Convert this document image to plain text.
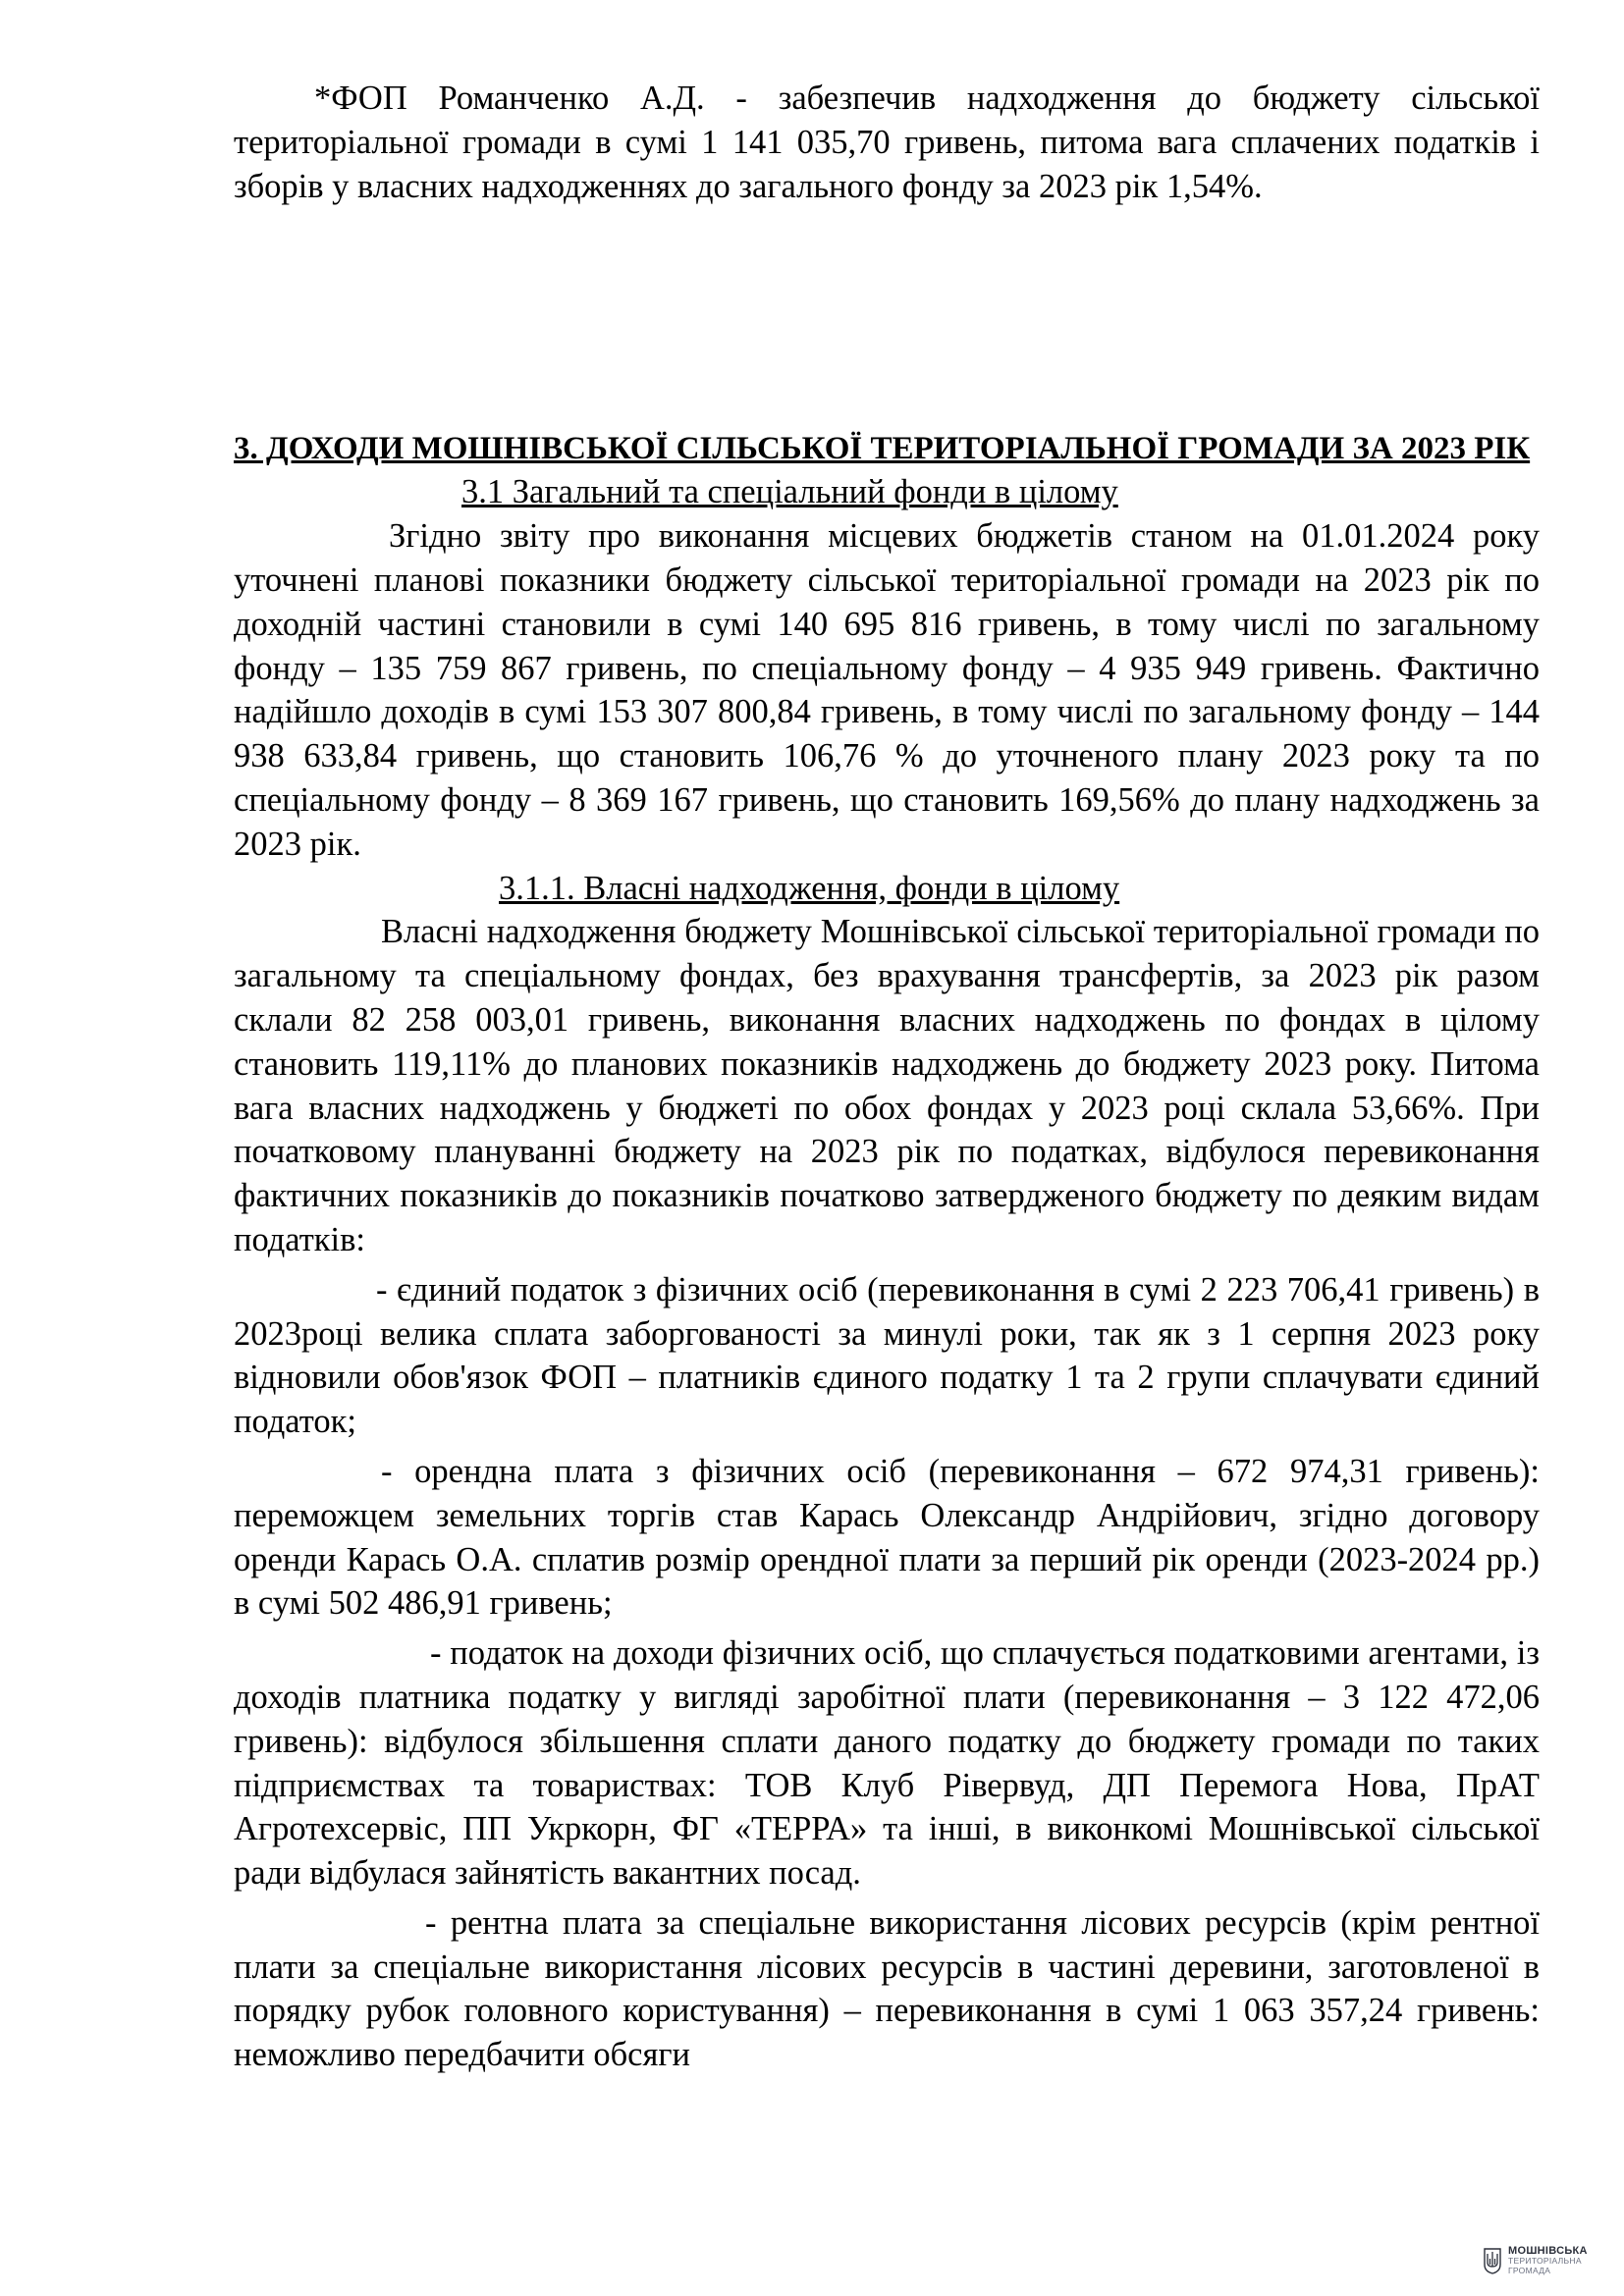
*ФОП Романченко А.Д. - забезпечив надходження до бюджету сільської територіальної громади в сумі 1 141 035,70 гривень, питома вага сплачених податків і зборів у власних надходженнях до загального фонду за 2023 рік 1,54%.

3. ДОХОДИ МОШНІВСЬКОЇ СІЛЬСЬКОЇ ТЕРИТОРІАЛЬНОЇ ГРОМАДИ ЗА 2023 РІК

3.1 Загальний та спеціальний фонди в цілому

Згідно звіту про виконання місцевих бюджетів станом на 01.01.2024 року уточнені планові показники бюджету сільської територіальної громади на 2023 рік по доходній частині становили в сумі 140 695 816 гривень, в тому числі по загальному фонду – 135 759 867 гривень, по спеціальному фонду – 4 935 949 гривень. Фактично надійшло доходів в сумі 153 307 800,84 гривень, в тому числі по загальному фонду – 144 938 633,84 гривень, що становить 106,76 % до уточненого плану 2023 року та по спеціальному фонду – 8 369 167 гривень, що становить 169,56% до плану надходжень за 2023 рік.

3.1.1. Власні надходження, фонди в цілому

Власні надходження бюджету Мошнівської сільської територіальної громади по загальному та спеціальному фондах, без врахування трансфертів, за 2023 рік разом склали 82 258 003,01 гривень, виконання власних надходжень по фондах в цілому становить 119,11% до планових показників надходжень до бюджету 2023 року. Питома вага власних надходжень у бюджеті по обох фондах у 2023 році склала 53,66%. При початковому плануванні бюджету на 2023 рік по податках, відбулося перевиконання фактичних показників до показників початково затвердженого бюджету по деяким видам податків:

- єдиний податок з фізичних осіб (перевиконання в сумі 2 223 706,41 гривень) в 2023році велика сплата заборгованості за минулі роки, так як з 1 серпня 2023 року відновили обов'язок ФОП – платників єдиного податку 1 та 2 групи сплачувати єдиний податок;

- орендна плата з фізичних осіб (перевиконання – 672 974,31 гривень): переможцем земельних торгів став Карась Олександр Андрійович, згідно договору оренди Карась О.А. сплатив розмір орендної плати за перший рік оренди (2023-2024 рр.) в сумі 502 486,91 гривень;

- податок на доходи фізичних осіб, що сплачується податковими агентами, із доходів платника податку у вигляді заробітної плати (перевиконання – 3 122 472,06 гривень): відбулося збільшення сплати даного податку до бюджету громади по таких підприємствах та товариствах: ТОВ Клуб Рівервуд, ДП Перемога Нова, ПрАТ Агротехсервіс, ПП Укркорн, ФГ «ТЕРРА» та інші, в виконкомі Мошнівської сільської ради відбулася зайнятість вакантних посад.

- рентна плата за спеціальне використання лісових ресурсів (крім рентної плати за спеціальне використання лісових ресурсів в частині деревини, заготовленої в порядку рубок головного користування) – перевиконання в сумі 1 063 357,24 гривень: неможливо передбачити обсяги

МОШНІВСЬКА
ТЕРИТОРІАЛЬНА
ГРОМАДА
